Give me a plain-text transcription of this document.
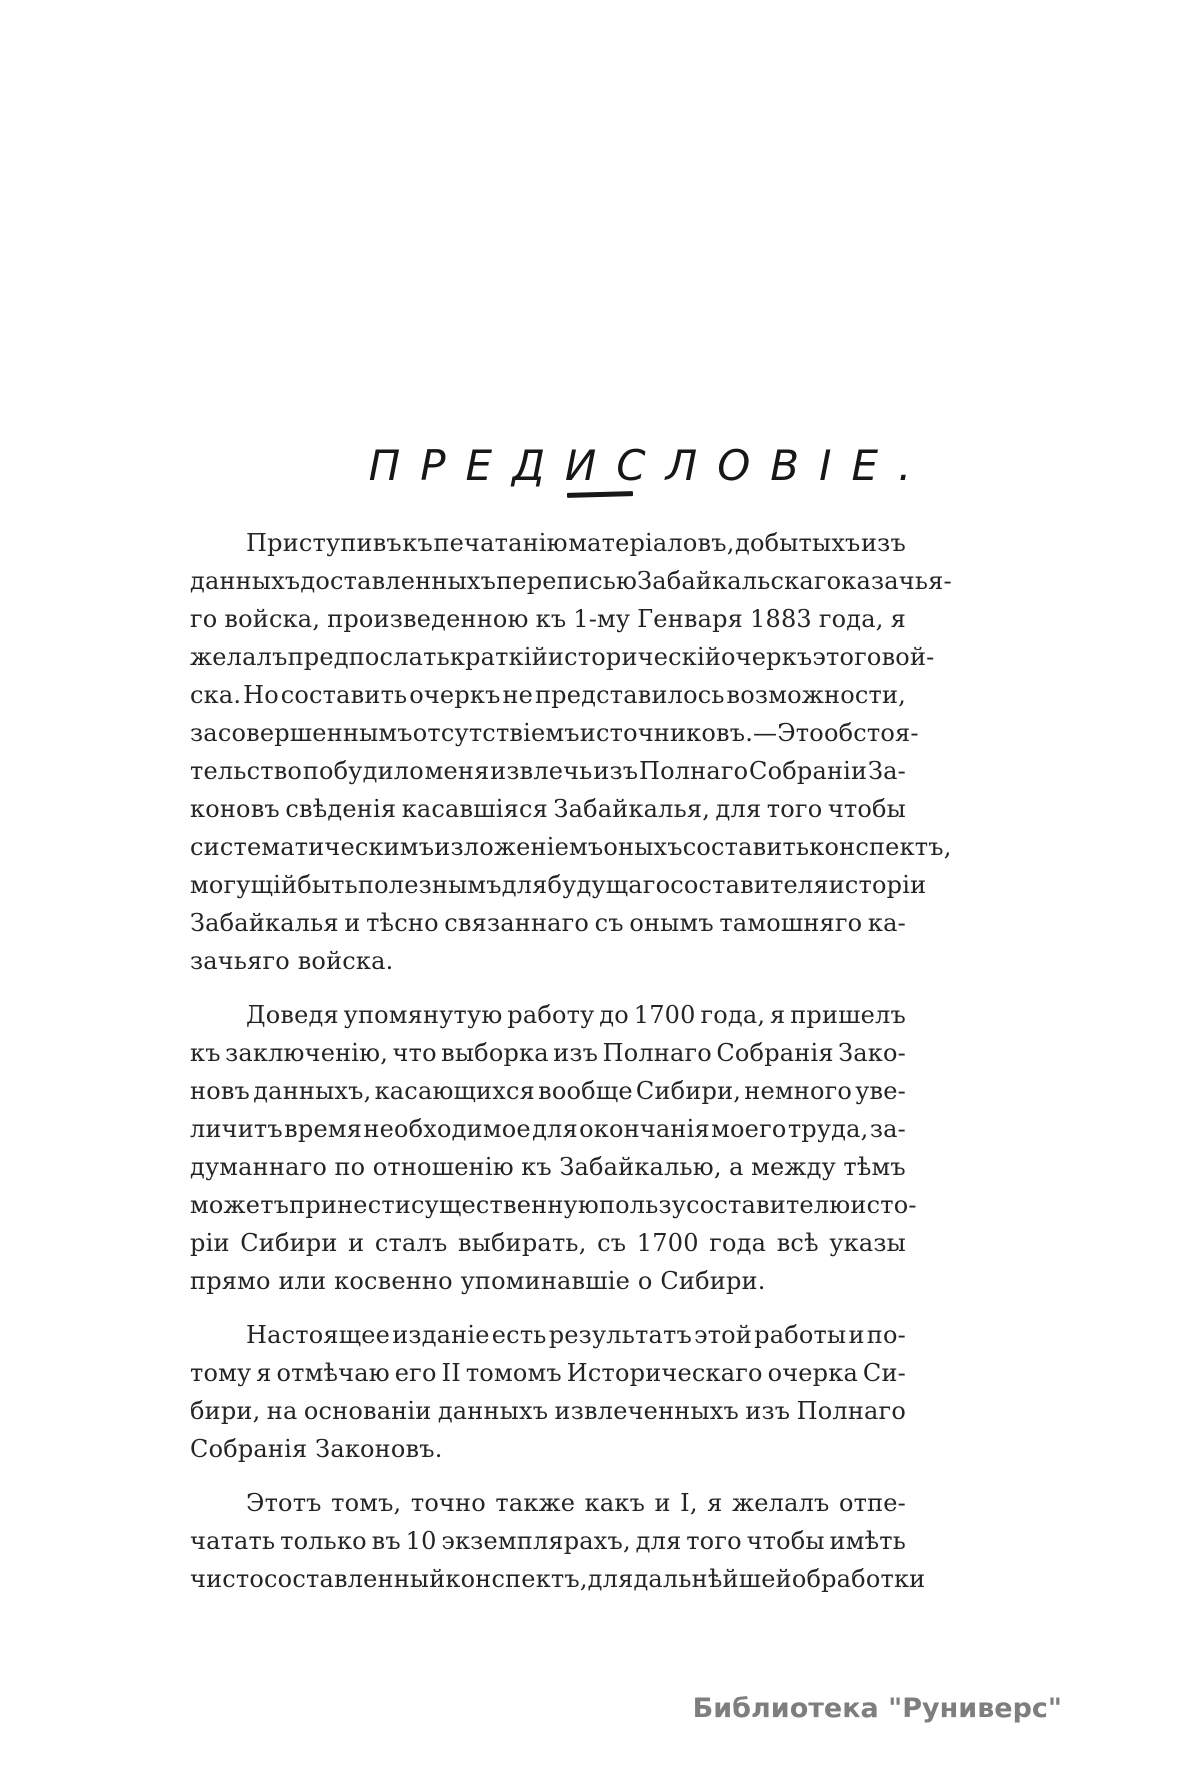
ПРЕДИСЛОВІЕ.
Приступивъ къ печатанію матеріаловъ, добытыхъ изъ
данныхъ доставленныхъ переписью Забайкальскаго казачья-
го войска, произведенною къ 1-му Генваря 1883 года, я
желалъ предпослать краткій историческій очеркъ этого вой-
ска. Но составить очеркъ не представилось возможности,
за совершеннымъ отсутствіемъ источниковъ.—Это обстоя-
тельство побудило меня извлечь изъ Полнаго Собраніи За-
коновъ свѣденія касавшіяся Забайкалья, для того чтобы
систематическимъ изложеніемъ оныхъ составить конспектъ,
могущій быть полезнымъ для будущаго составителя исторіи
Забайкалья и тѣсно связаннаго съ онымъ тамошняго ка-
зачьяго войска.
Доведя упомянутую работу до 1700 года, я пришелъ
къ заключенію, что выборка изъ Полнаго Собранія Зако-
новъ данныхъ, касающихся вообще Сибири, немного уве-
личитъ время необходимое для окончанія моего труда, за-
думаннаго по отношенію къ Забайкалью, а между тѣмъ
можетъ принести существенную пользу составителю исто-
ріи Сибири и сталъ выбирать, съ 1700 года всѣ указы
прямо или косвенно упоминавшіе о Сибири.
Настоящее изданіе есть результатъ этой работы и по-
тому я отмѣчаю его II томомъ Историческаго очерка Си-
бири, на основаніи данныхъ извлеченныхъ изъ Полнаго
Собранія Законовъ.
Этотъ томъ, точно также какъ и I, я желалъ отпе-
чатать только въ 10 экземплярахъ, для того чтобы имѣть
чисто составленный конспектъ, для дальнѣйшей обработки
Библиотека "Руниверс"
